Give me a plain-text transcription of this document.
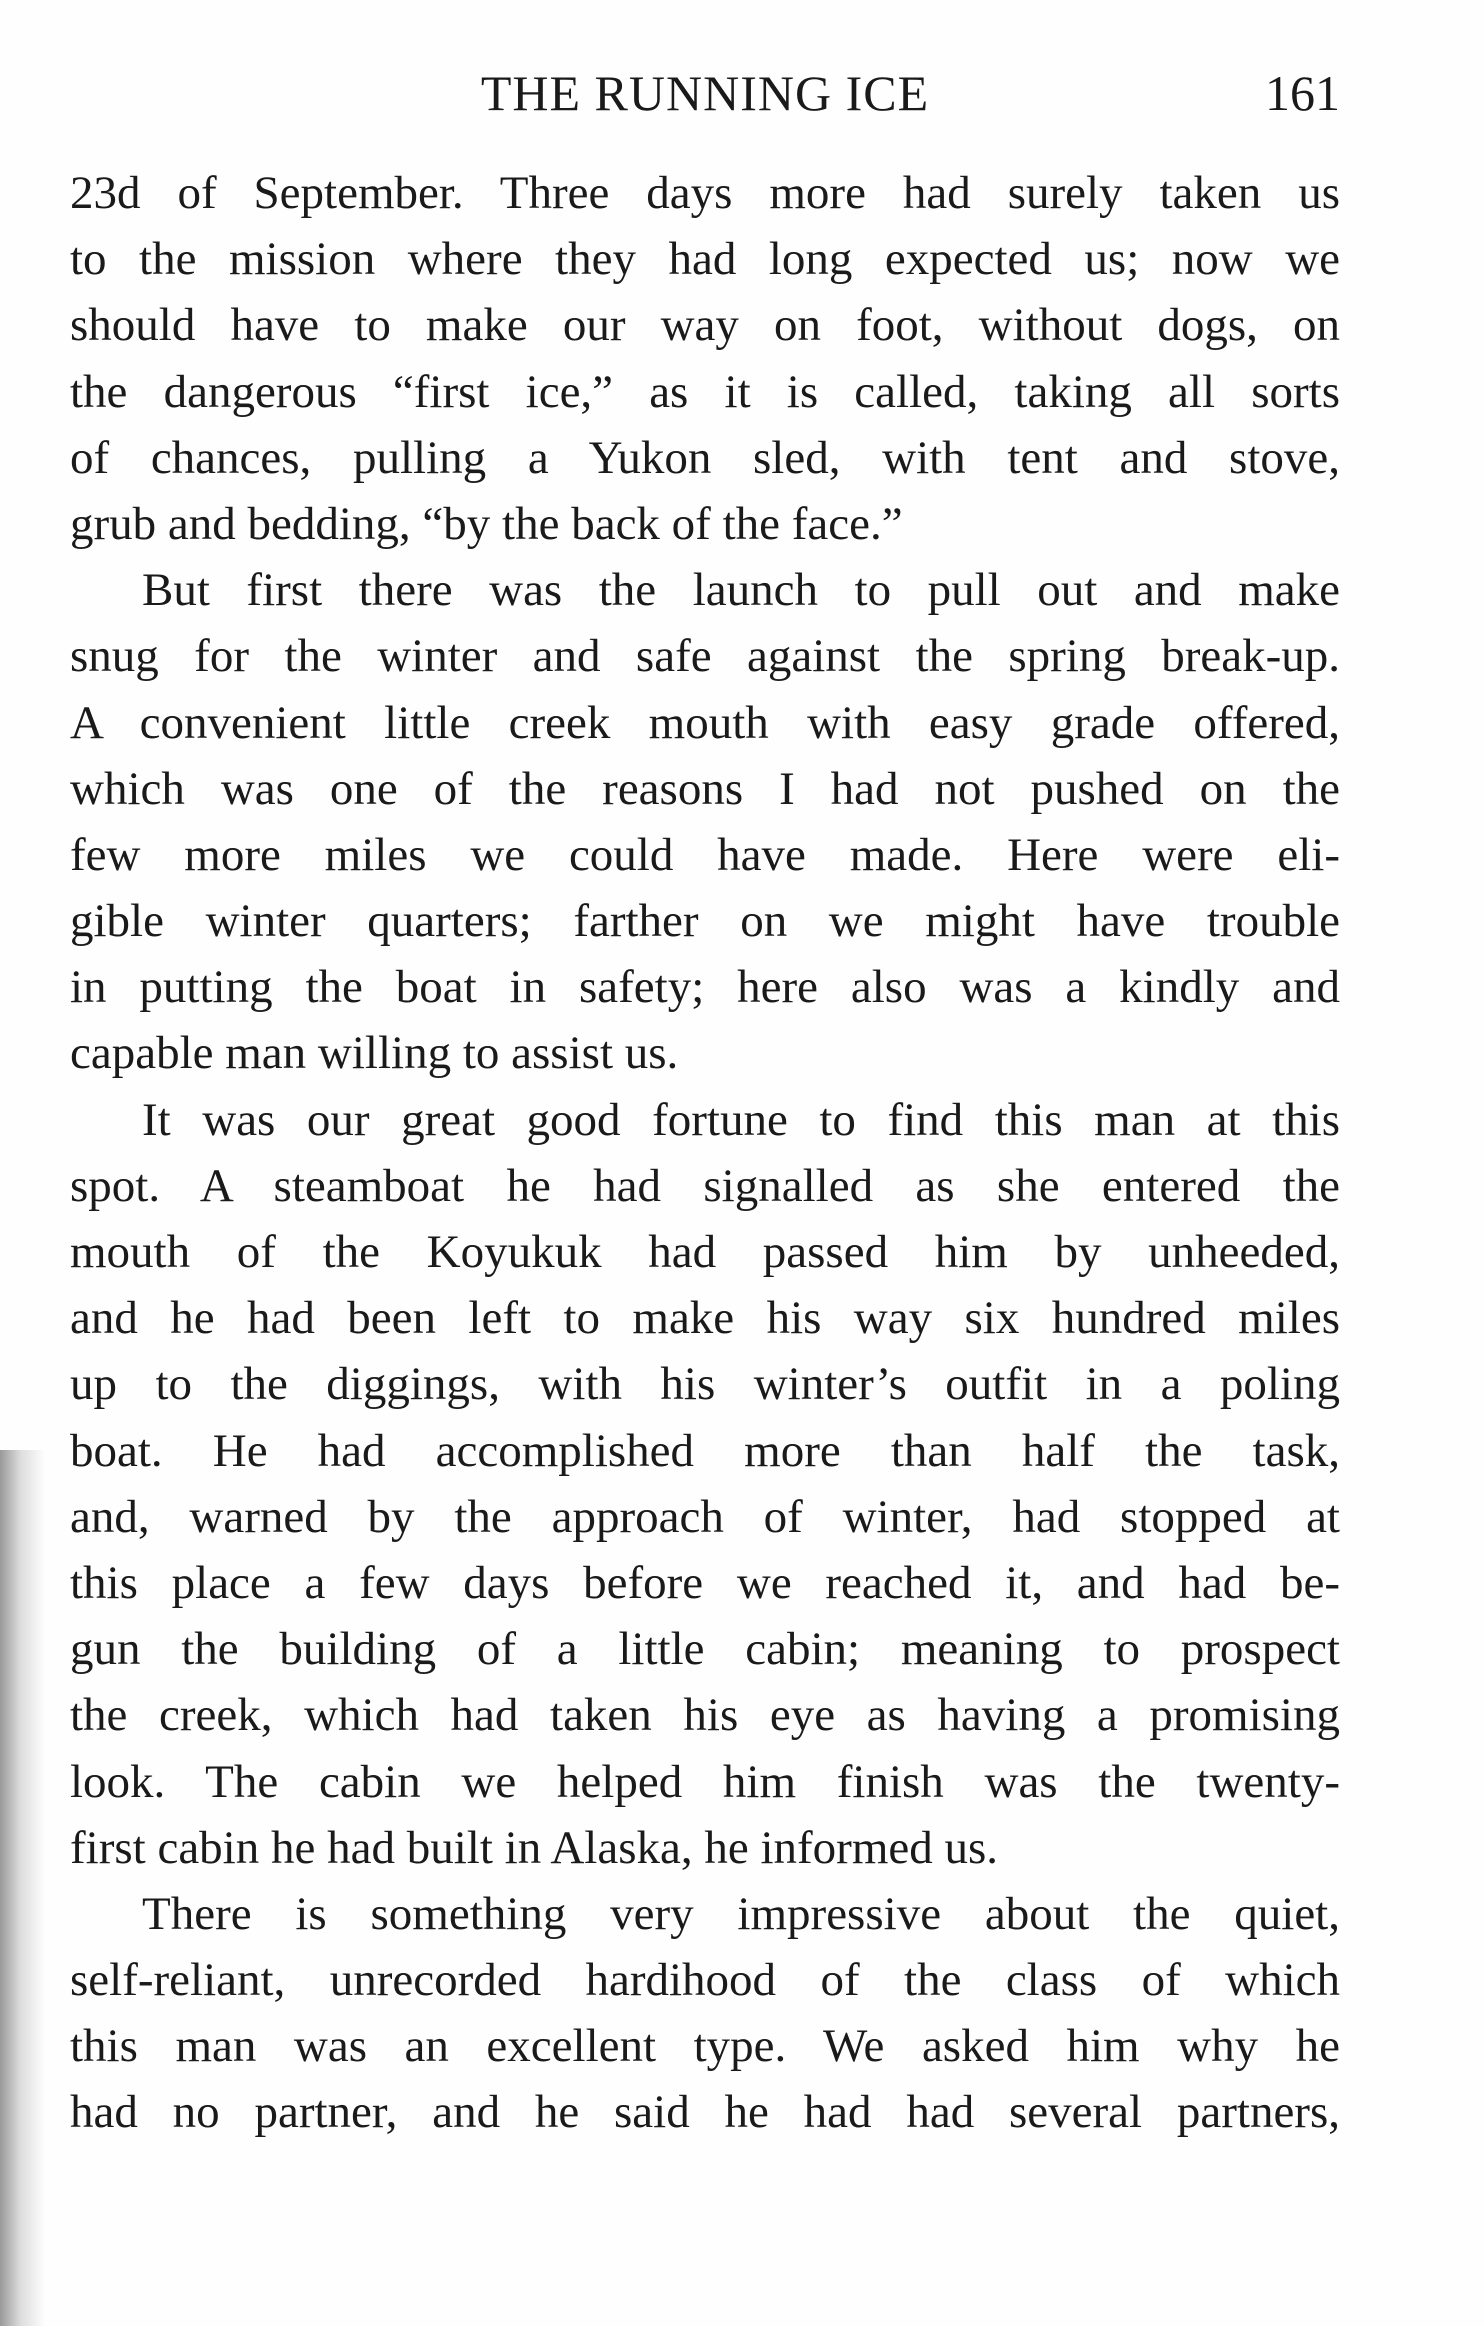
THE RUNNING ICE	161
23d of September. Three days more had surely taken us
to the mission where they had long expected us; now we
should have to make our way on foot, without dogs, on
the dangerous “first ice,” as it is called, taking all sorts
of chances, pulling a Yukon sled, with tent and stove,
grub and bedding, “by the back of the face.”
But first there was the launch to pull out and make
snug for the winter and safe against the spring break-up.
A convenient little creek mouth with easy grade offered,
which was one of the reasons I had not pushed on the
few more miles we could have made. Here were eli-
gible winter quarters; farther on we might have trouble
in putting the boat in safety; here also was a kindly and
capable man willing to assist us.
It was our great good fortune to find this man at this
spot. A steamboat he had signalled as she entered the
mouth of the Koyukuk had passed him by unheeded,
and he had been left to make his way six hundred miles
up to the diggings, with his winter’s outfit in a poling
boat. He had accomplished more than half the task,
and, warned by the approach of winter, had stopped at
this place a few days before we reached it, and had be-
gun the building of a little cabin; meaning to prospect
the creek, which had taken his eye as having a promising
look. The cabin we helped him finish was the twenty-
first cabin he had built in Alaska, he informed us.
There is something very impressive about the quiet,
self-reliant, unrecorded hardihood of the class of which
this man was an excellent type. We asked him why he
had no partner, and he said he had had several partners,
